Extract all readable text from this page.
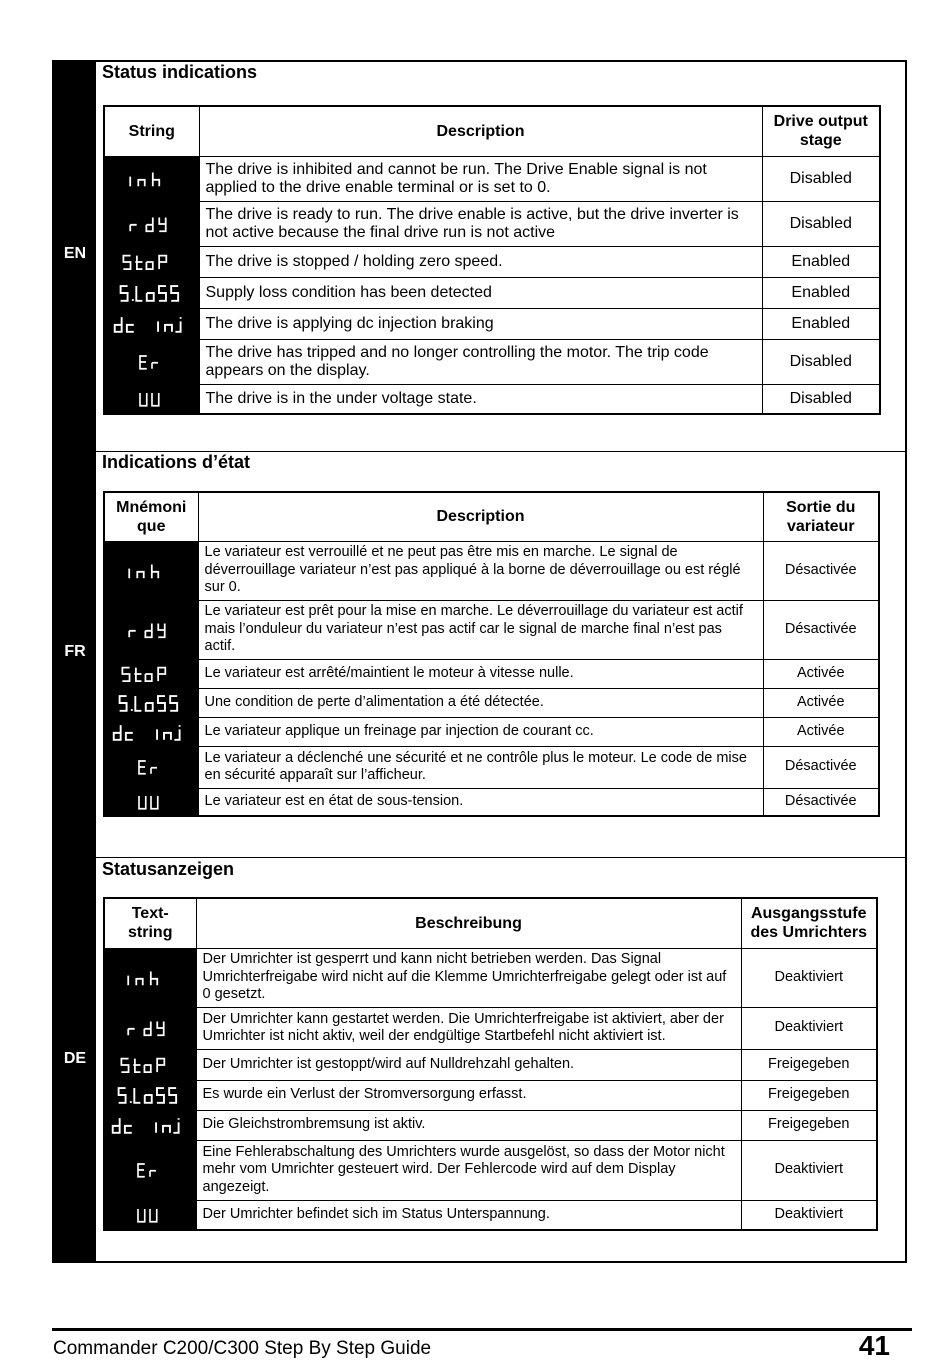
EN
FR
DE
Status indications
Indications d’état
Statusanzeigen
String	Description	Drive output stage

	The drive is inhibited and cannot be run. The Drive Enable signal is not applied to the drive enable terminal or is set to 0.	Disabled

	The drive is ready to run. The drive enable is active, but the drive inverter is not active because the final drive run is not active	Disabled

	The drive is stopped / holding zero speed.	Enabled

	Supply loss condition has been detected	Enabled

	The drive is applying dc injection braking	Enabled

	The drive has tripped and no longer controlling the motor. The trip code appears on the display.	Disabled

	The drive is in the under voltage state.	Disabled
Mnémoni que	Description	Sortie du variateur

	Le variateur est verrouillé et ne peut pas être mis en marche. Le signal de déverrouillage variateur n’est pas appliqué à la borne de déverrouillage ou est réglé sur 0.	Désactivée

	Le variateur est prêt pour la mise en marche. Le déverrouillage du variateur est actif mais l’onduleur du variateur n’est pas actif car le signal de marche final n’est pas actif.	Désactivée

	Le variateur est arrêté/maintient le moteur à vitesse nulle.	Activée

	Une condition de perte d’alimentation a été détectée.	Activée

	Le variateur applique un freinage par injection de courant cc.	Activée

	Le variateur a déclenché une sécurité et ne contrôle plus le moteur. Le code de mise en sécurité apparaît sur l’afficheur.	Désactivée

	Le variateur est en état de sous-tension.	Désactivée
Text-string	Beschreibung	Ausgangsstufe des Umrichters

	Der Umrichter ist gesperrt und kann nicht betrieben werden. Das Signal Umrichterfreigabe wird nicht auf die Klemme Umrichterfreigabe gelegt oder ist auf 0 gesetzt.	Deaktiviert

	Der Umrichter kann gestartet werden. Die Umrichterfreigabe ist aktiviert, aber der Umrichter ist nicht aktiv, weil der endgültige Startbefehl nicht aktiviert ist.	Deaktiviert

	Der Umrichter ist gestoppt/wird auf Nulldrehzahl gehalten.	Freigegeben

	Es wurde ein Verlust der Stromversorgung erfasst.	Freigegeben

	Die Gleichstrombremsung ist aktiv.	Freigegeben

	Eine Fehlerabschaltung des Umrichters wurde ausgelöst, so dass der Motor nicht mehr vom Umrichter gesteuert wird. Der Fehlercode wird auf dem Display angezeigt.	Deaktiviert

	Der Umrichter befindet sich im Status Unterspannung.	Deaktiviert
Commander C200/C300 Step By Step Guide	41
